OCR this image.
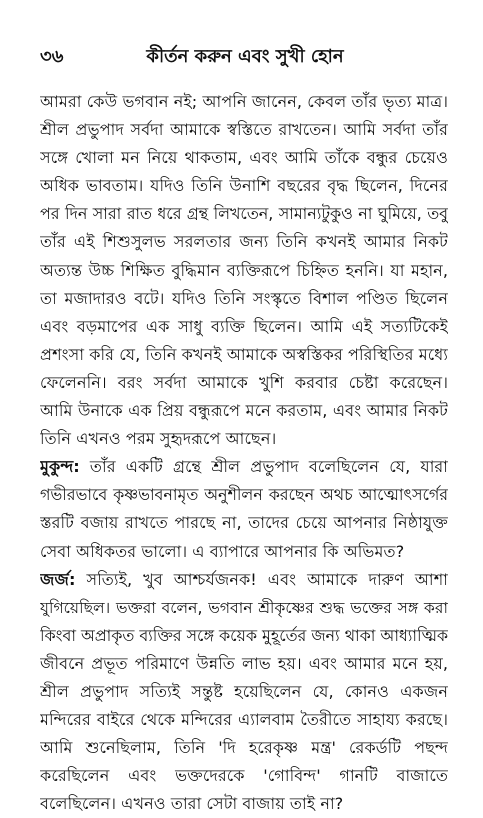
৩৬	কীর্তন করুন এবং সুখী হোন
আমরা কেউ ভগবান নই; আপনি জানেন, কেবল তাঁর ভৃত্য মাত্র।
শ্রীল প্রভুপাদ সর্বদা আমাকে স্বস্তিতে রাখতেন। আমি সর্বদা তাঁর
সঙ্গে খোলা মন নিয়ে থাকতাম, এবং আমি তাঁকে বন্ধুর চেয়েও
অধিক ভাবতাম। যদিও তিনি উনাশি বছরের বৃদ্ধ ছিলেন, দিনের
পর দিন সারা রাত ধরে গ্রন্থ লিখতেন, সামান্যটুকুও না ঘুমিয়ে, তবু
তাঁর এই শিশুসুলভ সরলতার জন্য তিনি কখনই আমার নিকট
অত্যন্ত উচ্চ শিক্ষিত বুদ্ধিমান ব্যক্তিরূপে চিহ্নিত হননি। যা মহান,
তা মজাদারও বটে। যদিও তিনি সংস্কৃতে বিশাল পণ্ডিত ছিলেন
এবং বড়মাপের এক সাধু ব্যক্তি ছিলেন। আমি এই সত্যটিকেই
প্রশংসা করি যে, তিনি কখনই আমাকে অস্বস্তিকর পরিস্থিতির মধ্যে
ফেলেননি। বরং সর্বদা আমাকে খুশি করবার চেষ্টা করেছেন।
আমি উনাকে এক প্রিয় বন্ধুরূপে মনে করতাম, এবং আমার নিকট
তিনি এখনও পরম সুহৃদরূপে আছেন।
মুকুন্দ: তাঁর একটি গ্রন্থে শ্রীল প্রভুপাদ বলেছিলেন যে, যারা
গভীরভাবে কৃষ্ণভাবনামৃত অনুশীলন করছেন অথচ আত্মোৎসর্গের
স্তরটি বজায় রাখতে পারছে না, তাদের চেয়ে আপনার নিষ্ঠাযুক্ত
সেবা অধিকতর ভালো। এ ব্যাপারে আপনার কি অভিমত?
জর্জ: সত্যিই, খুব আশ্চর্যজনক! এবং আমাকে দারুণ আশা
যুগিয়েছিল। ভক্তরা বলেন, ভগবান শ্রীকৃষ্ণের শুদ্ধ ভক্তের সঙ্গ করা
কিংবা অপ্রাকৃত ব্যক্তির সঙ্গে কয়েক মুহূর্তের জন্য থাকা আধ্যাত্মিক
জীবনে প্রভূত পরিমাণে উন্নতি লাভ হয়। এবং আমার মনে হয়,
শ্রীল প্রভুপাদ সত্যিই সন্তুষ্ট হয়েছিলেন যে, কোনও একজন
মন্দিরের বাইরে থেকে মন্দিরের এ্যালবাম তৈরীতে সাহায্য করছে।
আমি শুনেছিলাম, তিনি 'দি হরেকৃষ্ণ মন্ত্র' রেকর্ডটি পছন্দ
করেছিলেন এবং ভক্তদেরকে 'গোবিন্দ' গানটি বাজাতে
বলেছিলেন। এখনও তারা সেটা বাজায় তাই না?
